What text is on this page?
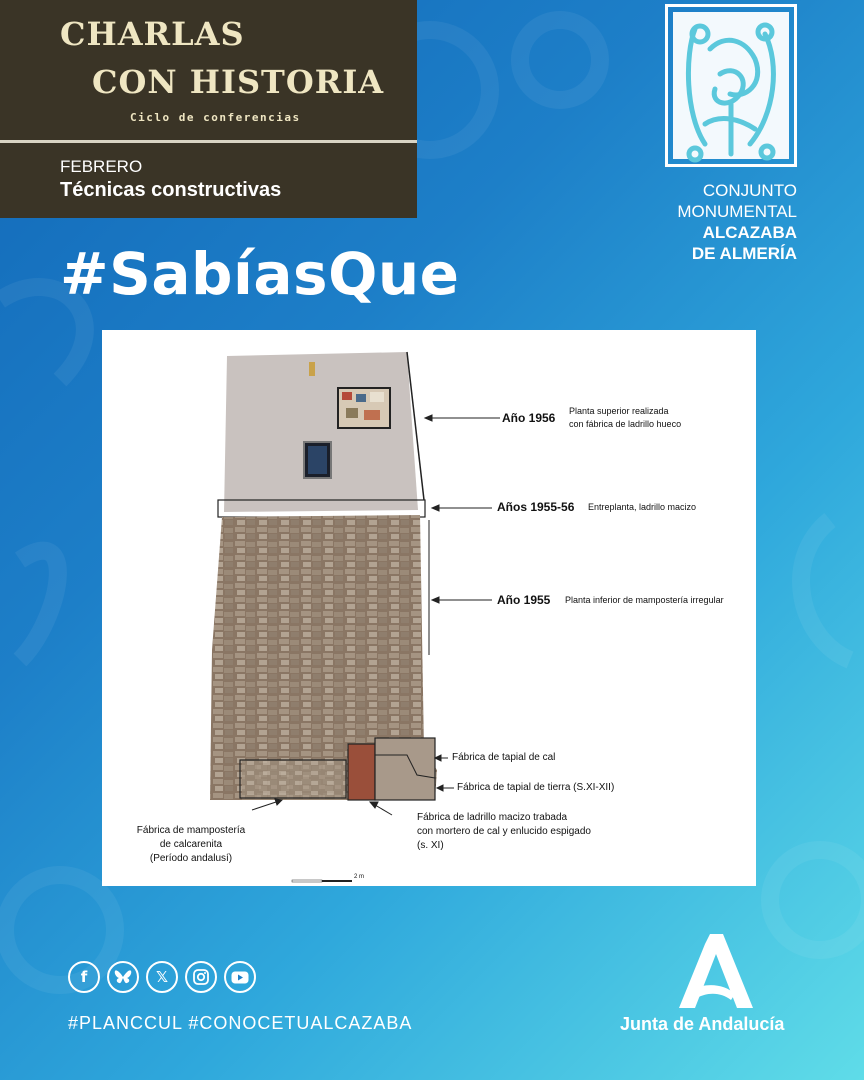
CHARLAS
CON HISTORIA
Ciclo de conferencias
FEBRERO
Técnicas constructivas
#SabíasQue
CONJUNTO
MONUMENTAL
ALCAZABA
DE ALMERÍA
Año 1956 Planta superior realizada
con fábrica de ladrillo hueco
Años 1955-56 Entreplanta, ladrillo macizo
Año 1955 Planta inferior de mampostería irregular
Fábrica de tapial de cal
Fábrica de tapial de tierra (S.XI-XII)
Fábrica de ladrillo macizo trabada
con mortero de cal y enlucido espigado
(s. XI)
Fábrica de mampostería
de calcarenita
(Período andalusí)
2 m
f	𝕏
#PLANCCUL #CONOCETUALCAZABA	Junta de Andalucía
